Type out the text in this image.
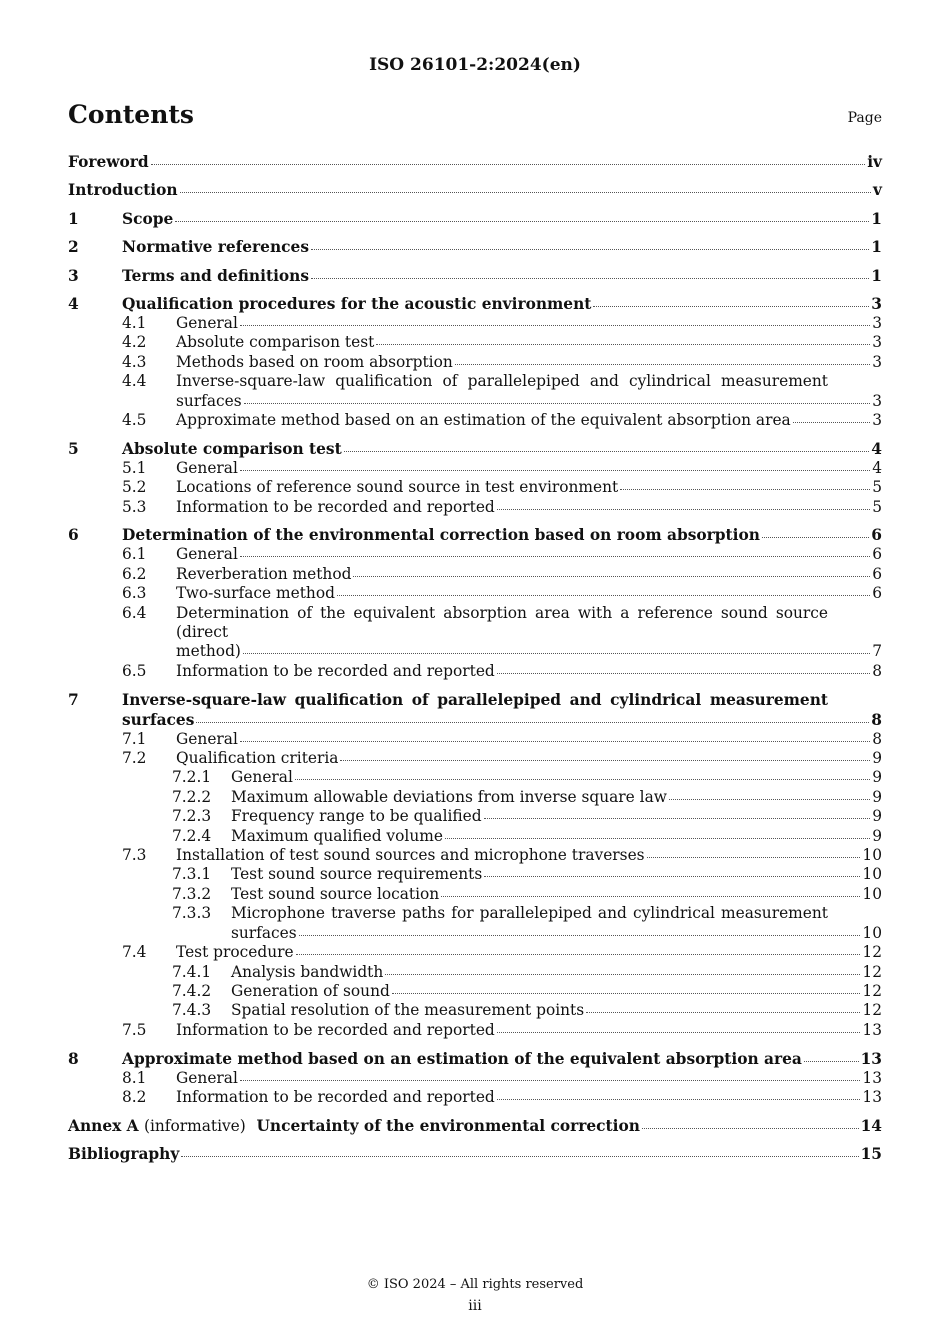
ISO 26101-2:2024(en)
Contents	Page
Foreword	iv
Introduction	v
1	Scope	1
2	Normative references	1
3	Terms and definitions	1
4	Qualification procedures for the acoustic environment	3
4.1	General	3
4.2	Absolute comparison test	3
4.3	Methods based on room absorption	3
4.4	Inverse-square-law qualification of parallelepiped and cylindrical measurement
surfaces	3
4.5	Approximate method based on an estimation of the equivalent absorption area	3
5	Absolute comparison test	4
5.1	General	4
5.2	Locations of reference sound source in test environment	5
5.3	Information to be recorded and reported	5
6	Determination of the environmental correction based on room absorption	6
6.1	General	6
6.2	Reverberation method	6
6.3	Two-surface method	6
6.4	Determination of the equivalent absorption area with a reference sound source (direct
method)	7
6.5	Information to be recorded and reported	8
7	Inverse-square-law qualification of parallelepiped and cylindrical measurement
surfaces	8
7.1	General	8
7.2	Qualification criteria	9
7.2.1	General	9
7.2.2	Maximum allowable deviations from inverse square law	9
7.2.3	Frequency range to be qualified	9
7.2.4	Maximum qualified volume	9
7.3	Installation of test sound sources and microphone traverses	10
7.3.1	Test sound source requirements	10
7.3.2	Test sound source location	10
7.3.3	Microphone traverse paths for parallelepiped and cylindrical measurement
surfaces	10
7.4	Test procedure	12
7.4.1	Analysis bandwidth	12
7.4.2	Generation of sound	12
7.4.3	Spatial resolution of the measurement points	12
7.5	Information to be recorded and reported	13
8	Approximate method based on an estimation of the equivalent absorption area	13
8.1	General	13
8.2	Information to be recorded and reported	13
Annex A (informative) Uncertainty of the environmental correction	14
Bibliography	15
© ISO 2024 – All rights reserved
iii
